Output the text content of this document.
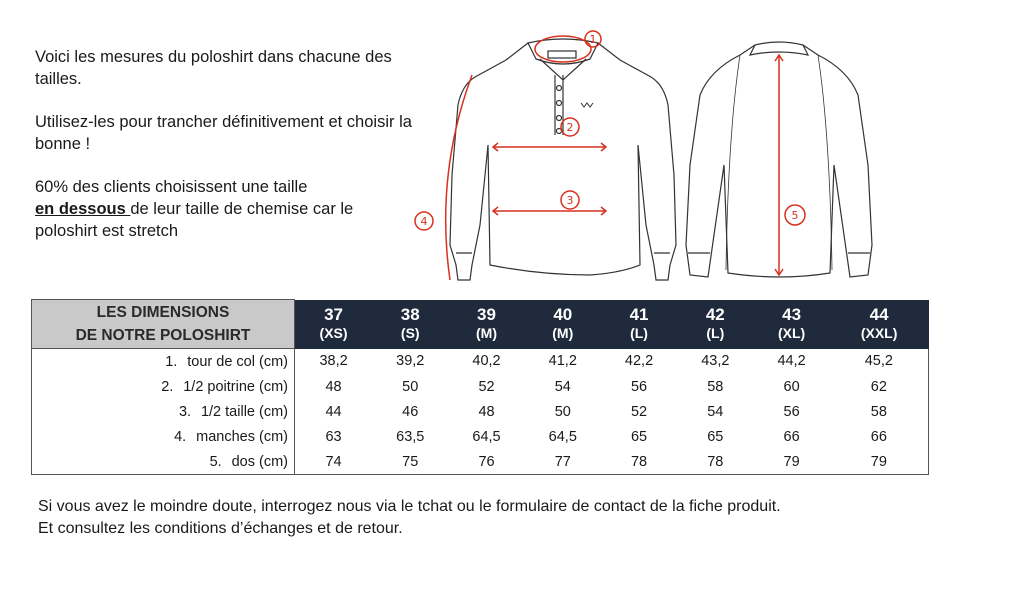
Voici les mesures du poloshirt dans chacune des tailles.

Utilisez-les pour trancher définitivement et choisir la bonne !

60% des clients choisissent une taille
en dessous de leur taille de chemise car le poloshirt est stretch

1
2
3
4	5
LES DIMENSIONS
DE NOTRE POLOSHIRT	37	38	39	40	41	42	43	44
	(XS)	(S)	(M)	(M)	(L)	(L)	(XL)	(XXL)
1. tour de col (cm)	38,2	39,2	40,2	41,2	42,2	43,2	44,2	45,2
2. 1/2 poitrine (cm)	48	50	52	54	56	58	60	62
3. 1/2 taille (cm)	44	46	48	50	52	54	56	58
4. manches (cm)	63	63,5	64,5	64,5	65	65	66	66
5. dos (cm)	74	75	76	77	78	78	79	79

Si vous avez le moindre doute, interrogez nous via le tchat ou le formulaire de contact de la fiche produit.

Et consultez les conditions d’échanges et de retour.
